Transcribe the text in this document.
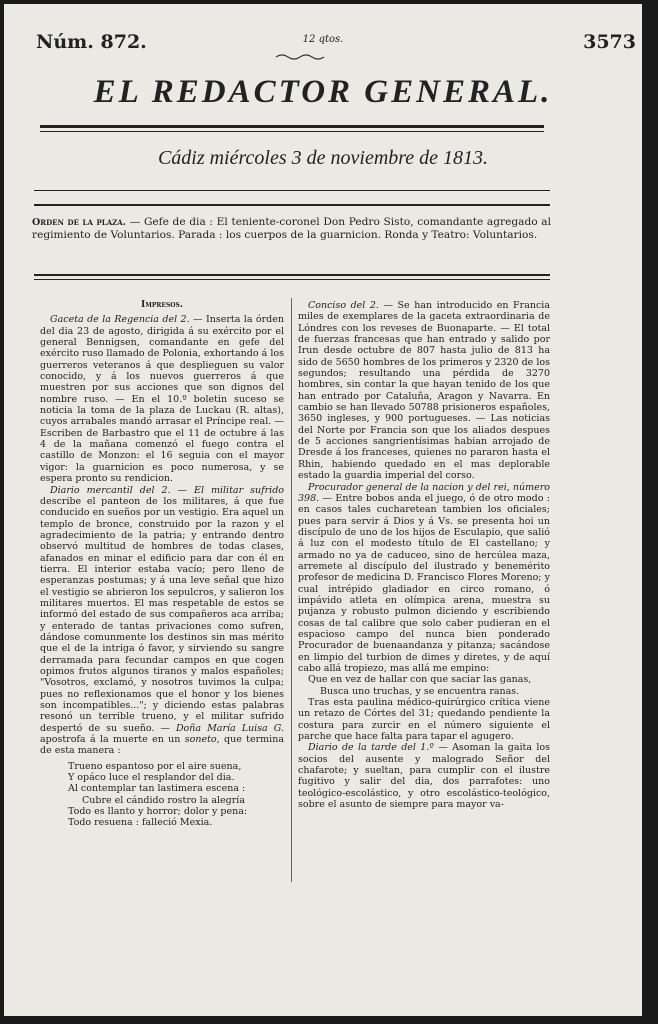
Núm. 872.	12 qtos.	3573
EL REDACTOR GENERAL.
Cádiz miércoles 3 de noviembre de 1813.
Orden de la plaza. — Gefe de dia : El teniente-coronel Don Pedro Sisto, comandante agregado al regimiento de Voluntarios. Parada : los cuerpos de la guarnicion. Ronda y Teatro: Voluntarios.
Impresos.

Gaceta de la Regencia del 2. — Inserta la órden del dia 23 de agosto, dirigida á su exército por el general Bennigsen, comandante en gefe del exército ruso llamado de Polonia, exhortando á los guerreros veteranos á que desplieguen su valor conocido, y á los nuevos guerreros á que muestren por sus acciones que son dignos del nombre ruso. — En el 10.º boletin suceso se noticia la toma de la plaza de Luckau (R. altas), cuyos arrabales mandó arrasar el Príncipe real. — Escriben de Barbastro que el 11 de octubre á las 4 de la mañana comenzó el fuego contra el castillo de Monzon: el 16 seguia con el mayor vigor: la guarnicion es poco numerosa, y se espera pronto su rendicion.

Diario mercantil del 2. — El militar sufrido describe el panteon de los militares, á que fue conducido en sueños por un vestigio. Era aquel un templo de bronce, construido por la razon y el agradecimiento de la patria; y entrando dentro observó multitud de hombres de todas clases, afanados en minar el edificio para dar con él en tierra. El interior estaba vacío; pero lleno de esperanzas postumas; y á una leve señal que hizo el vestigio se abrieron los sepulcros, y salieron los militares muertos. El mas respetable de estos se informó del estado de sus compañeros aca arriba; y enterado de tantas privaciones como sufren, dándose comunmente los destinos sin mas mérito que el de la intriga ó favor, y sirviendo su sangre derramada para fecundar campos en que cogen opimos frutos algunos tiranos y malos españoles; "Vosotros, exclamó, y nosotros tuvimos la culpa; pues no reflexionamos que el honor y los bienes son incompatibles..."; y diciendo estas palabras resonó un terrible trueno, y el militar sufrido despertó de su sueño. — Doña María Luisa G. apostrofa á la muerte en un soneto, que termina de esta manera :

Trueno espantoso por el aire suena,
Y opáco luce el resplandor del dia.
Al contemplar tan lastimera escena :
Cubre el cándido rostro la alegría
Todo es llanto y horror; dolor y pena:
Todo resuena : falleció Mexia.

Conciso del 2. — Se han introducido en Francia miles de exemplares de la gaceta extraordinaria de Lóndres con los reveses de Buonaparte. — El total de fuerzas francesas que han entrado y salido por Irun desde octubre de 807 hasta julio de 813 ha sido de 5650 hombres de los primeros y 2320 de los segundos; resultando una pérdida de 3270 hombres, sin contar la que hayan tenido de los que han entrado por Cataluña, Aragon y Navarra. En cambio se han llevado 50788 prisioneros españoles, 3650 ingleses, y 900 portugueses. — Las noticias del Norte por Francia son que los aliados despues de 5 acciones sangrientísimas habian arrojado de Dresde á los franceses, quienes no pararon hasta el Rhin, habiendo quedado en el mas deplorable estado la guardia imperial del corso.

Procurador general de la nacion y del rei, número 398. — Entre bobos anda el juego, ó de otro modo : en casos tales cucharetean tambien los oficiales; pues para servir á Dios y á Vs. se presenta hoi un discípulo de uno de los hijos de Esculapio, que salió á luz con el modesto título de El castellano; y armado no ya de caduceo, sino de hercúlea maza, arremete al discípulo del ilustrado y benemérito profesor de medicina D. Francisco Flores Moreno; y cual intrépido gladiador en circo romano, ó impávido atleta en olímpica arena, muestra su pujanza y robusto pulmon diciendo y escribiendo cosas de tal calibre que solo caber pudieran en el espacioso campo del nunca bien ponderado Procurador de buenaandanza y pitanza; sacándose en limpio del turbion de dimes y diretes, y de aquí cabo allá tropiezo, mas allá me empino:

Que en vez de hallar con que saciar las ganas,

Busca uno truchas, y se encuentra ranas.

Tras esta paulina médico-quirúrgico crítica viene un retazo de Córtes del 31; quedando pendiente la costura para zurcir en el número siguiente el parche que hace falta para tapar el agugero.

Diario de la tarde del 1.º — Asoman la gaita los socios del ausente y malogrado Señor del chafarote; y sueltan, para cumplir con el ilustre fugitivo y salir del dia, dos parrafotes: uno teológico-escolástico, y otro escolástico-teológico, sobre el asunto de siempre para mayor va-
